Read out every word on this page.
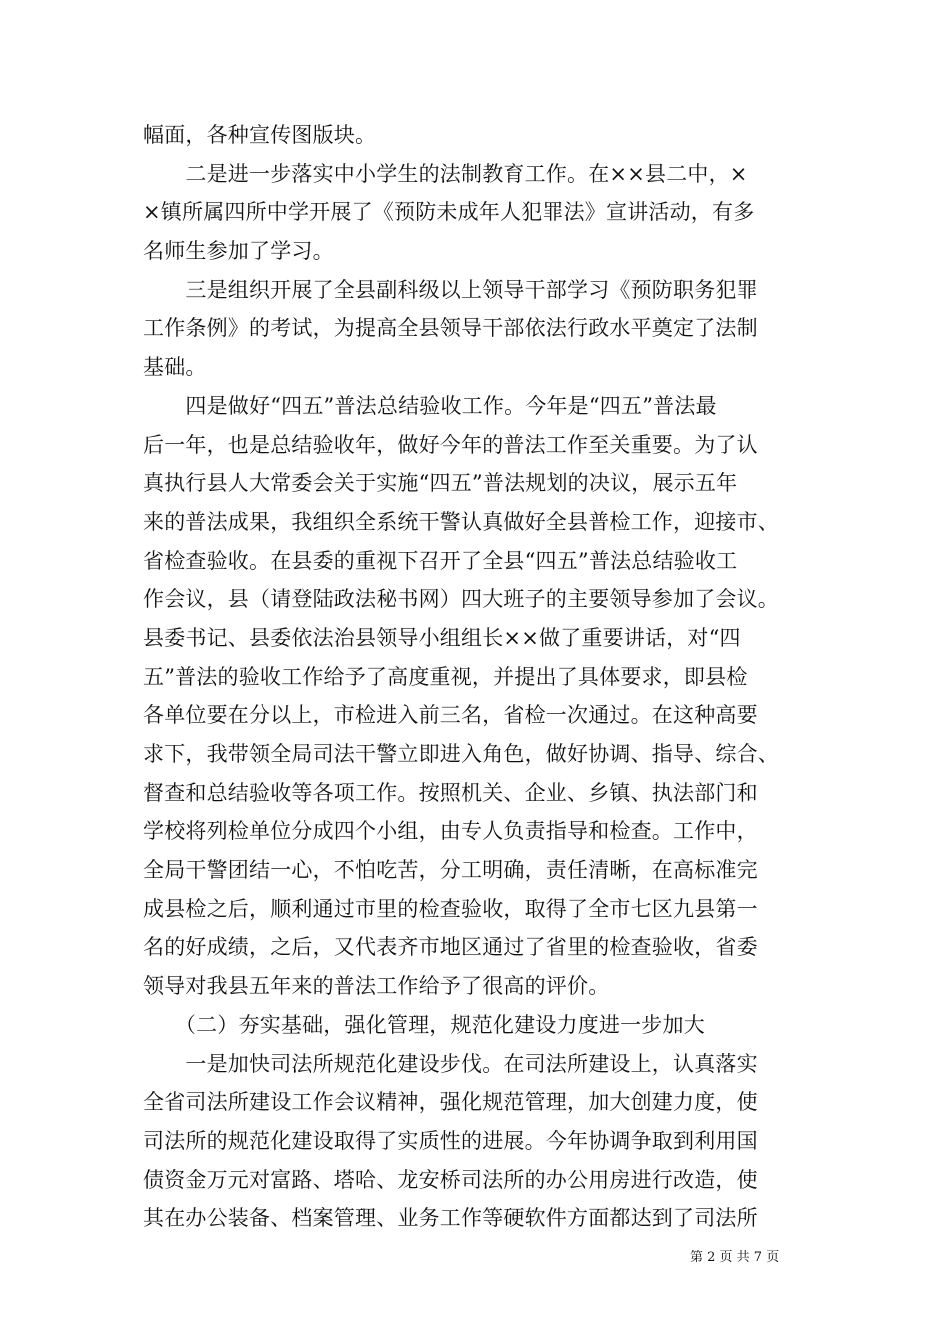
幅面，各种宣传图版块。
　　二是进一步落实中小学生的法制教育工作。在××县二中，×
×镇所属四所中学开展了《预防未成年人犯罪法》宣讲活动，有多
名师生参加了学习。
　　三是组织开展了全县副科级以上领导干部学习《预防职务犯罪
工作条例》的考试，为提高全县领导干部依法行政水平奠定了法制
基础。
　　四是做好“四五”普法总结验收工作。今年是“四五”普法最
后一年，也是总结验收年，做好今年的普法工作至关重要。为了认
真执行县人大常委会关于实施“四五”普法规划的决议，展示五年
来的普法成果，我组织全系统干警认真做好全县普检工作，迎接市、
省检查验收。在县委的重视下召开了全县“四五”普法总结验收工
作会议，县（请登陆政法秘书网）四大班子的主要领导参加了会议。
县委书记、县委依法治县领导小组组长××做了重要讲话，对“四
五”普法的验收工作给予了高度重视，并提出了具体要求，即县检
各单位要在分以上，市检进入前三名，省检一次通过。在这种高要
求下，我带领全局司法干警立即进入角色，做好协调、指导、综合、
督查和总结验收等各项工作。按照机关、企业、乡镇、执法部门和
学校将列检单位分成四个小组，由专人负责指导和检查。工作中，
全局干警团结一心，不怕吃苦，分工明确，责任清晰，在高标准完
成县检之后，顺利通过市里的检查验收，取得了全市七区九县第一
名的好成绩，之后，又代表齐市地区通过了省里的检查验收，省委
领导对我县五年来的普法工作给予了很高的评价。
　　（二）夯实基础，强化管理，规范化建设力度进一步加大
　　一是加快司法所规范化建设步伐。在司法所建设上，认真落实
全省司法所建设工作会议精神，强化规范管理，加大创建力度，使
司法所的规范化建设取得了实质性的进展。今年协调争取到利用国
债资金万元对富路、塔哈、龙安桥司法所的办公用房进行改造，使
其在办公装备、档案管理、业务工作等硬软件方面都达到了司法所
第 2 页 共 7 页
